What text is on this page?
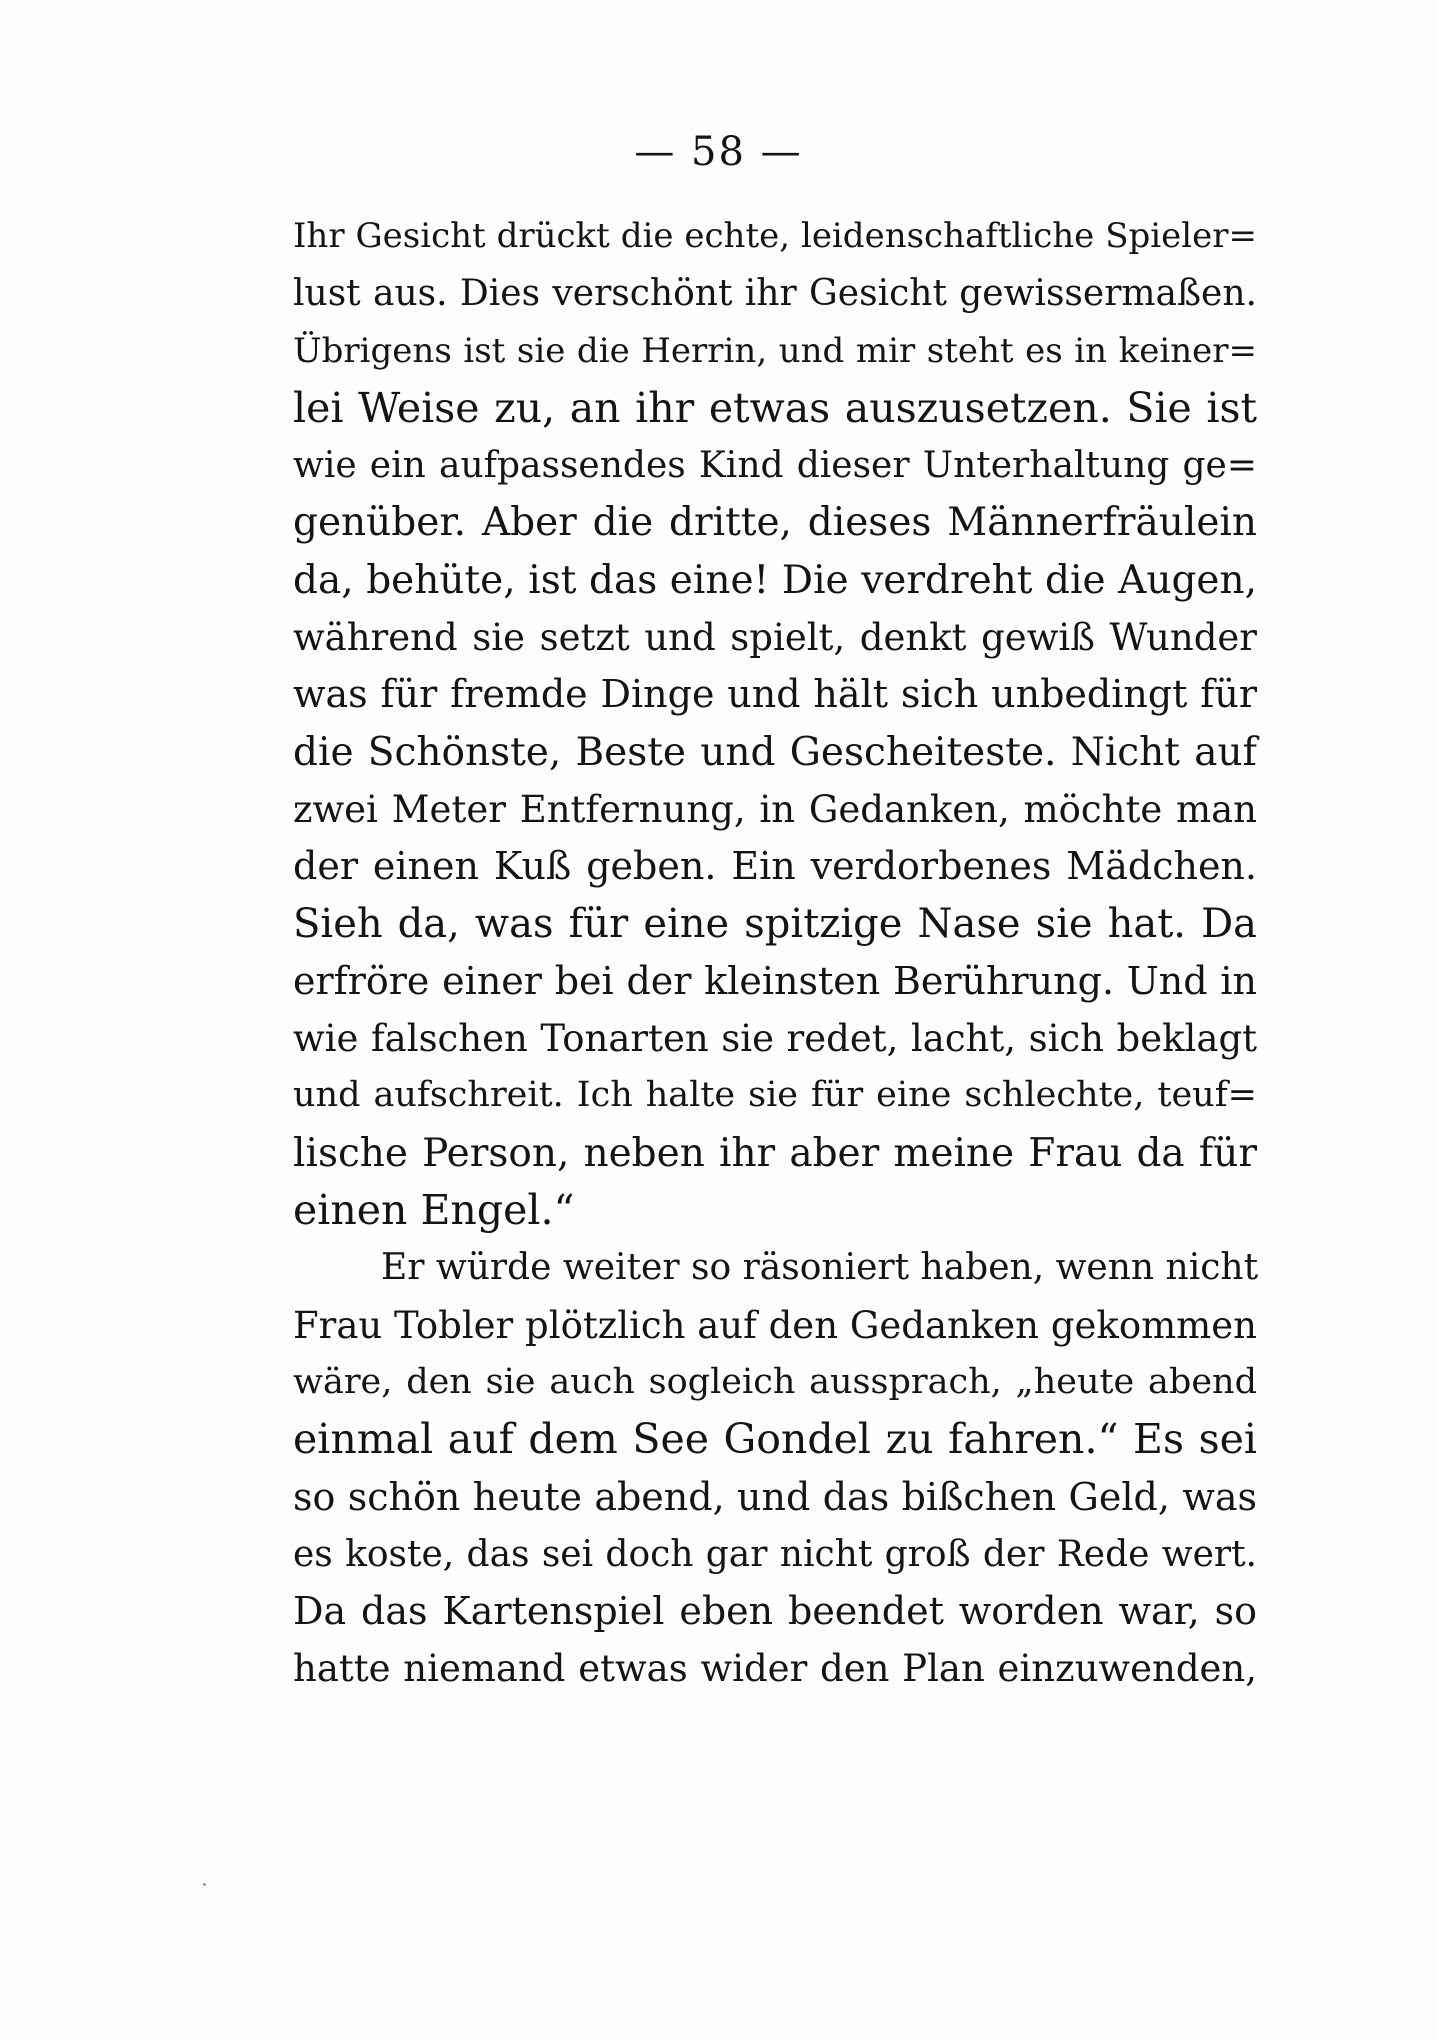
— 58 —
Ihr Gesicht drückt die echte, leidenschaftliche Spieler=
lust aus. Dies verschönt ihr Gesicht gewissermaßen.
Übrigens ist sie die Herrin, und mir steht es in keiner=
lei Weise zu, an ihr etwas auszusetzen. Sie ist
wie ein aufpassendes Kind dieser Unterhaltung ge=
genüber. Aber die dritte, dieses Männerfräulein
da, behüte, ist das eine! Die verdreht die Augen,
während sie setzt und spielt, denkt gewiß Wunder
was für fremde Dinge und hält sich unbedingt für
die Schönste, Beste und Gescheiteste. Nicht auf
zwei Meter Entfernung, in Gedanken, möchte man
der einen Kuß geben. Ein verdorbenes Mädchen.
Sieh da, was für eine spitzige Nase sie hat. Da
erfröre einer bei der kleinsten Berührung. Und in
wie falschen Tonarten sie redet, lacht, sich beklagt
und aufschreit. Ich halte sie für eine schlechte, teuf=
lische Person, neben ihr aber meine Frau da für
einen Engel.“
Er würde weiter so räsoniert haben, wenn nicht
Frau Tobler plötzlich auf den Gedanken gekommen
wäre, den sie auch sogleich aussprach, „heute abend
einmal auf dem See Gondel zu fahren.“ Es sei
so schön heute abend, und das bißchen Geld, was
es koste, das sei doch gar nicht groß der Rede wert.
Da das Kartenspiel eben beendet worden war, so
hatte niemand etwas wider den Plan einzuwenden,
